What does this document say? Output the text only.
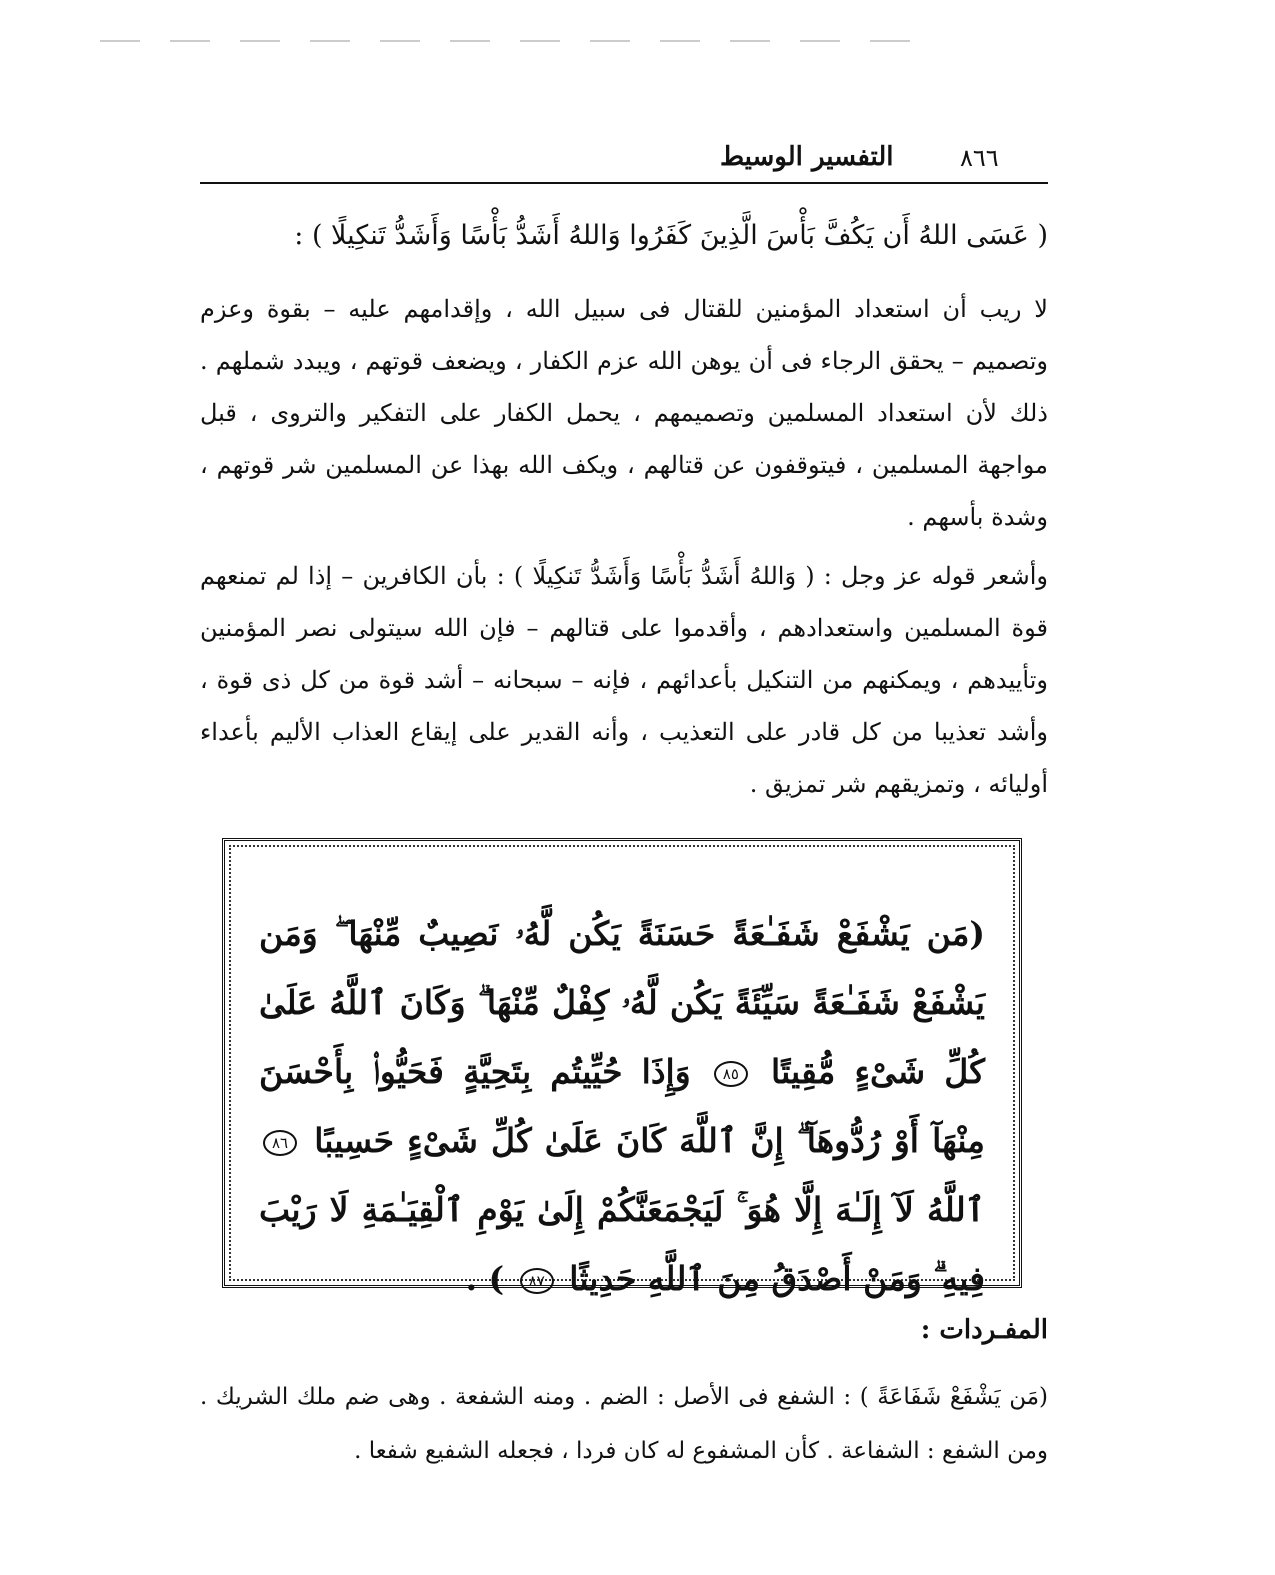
٨٦٦
التفسير الوسيط
( عَسَى اللهُ أَن يَكُفَّ بَأْسَ الَّذِينَ كَفَرُوا وَاللهُ أَشَدُّ بَأْسًا وَأَشَدُّ تَنكِيلًا ) :

لا ريب أن استعداد المؤمنين للقتال فى سبيل الله ، وإقدامهم عليه – بقوة وعزم وتصميم – يحقق الرجاء فى أن يوهن الله عزم الكفار ، ويضعف قوتهم ، ويبدد شملهم . ذلك لأن استعداد المسلمين وتصميمهم ، يحمل الكفار على التفكير والتروى ، قبل مواجهة المسلمين ، فيتوقفون عن قتالهم ، ويكف الله بهذا عن المسلمين شر قوتهم ، وشدة بأسهم .

وأشعر قوله عز وجل : ( وَاللهُ أَشَدُّ بَأْسًا وَأَشَدُّ تَنكِيلًا ) : بأن الكافرين – إذا لم تمنعهم قوة المسلمين واستعدادهم ، وأقدموا على قتالهم – فإن الله سيتولى نصر المؤمنين وتأييدهم ، ويمكنهم من التنكيل بأعدائهم ، فإنه – سبحانه – أشد قوة من كل ذى قوة ، وأشد تعذيبا من كل قادر على التعذيب ، وأنه القدير على إيقاع العذاب الأليم بأعداء أوليائه ، وتمزيقهم شر تمزيق .

(مَن يَشْفَعْ شَفَـٰعَةً حَسَنَةً يَكُن لَّهُۥ نَصِيبٌ مِّنْهَا ۖ وَمَن يَشْفَعْ شَفَـٰعَةً سَيِّئَةً يَكُن لَّهُۥ كِفْلٌ مِّنْهَا ۗ وَكَانَ ٱللَّهُ عَلَىٰ كُلِّ شَىْءٍ مُّقِيتًا ٨٥ وَإِذَا حُيِّيتُم بِتَحِيَّةٍ فَحَيُّوا۟ بِأَحْسَنَ مِنْهَآ أَوْ رُدُّوهَآ ۗ إِنَّ ٱللَّهَ كَانَ عَلَىٰ كُلِّ شَىْءٍ حَسِيبًا ٨٦ ٱللَّهُ لَآ إِلَـٰهَ إِلَّا هُوَ ۚ لَيَجْمَعَنَّكُمْ إِلَىٰ يَوْمِ ٱلْقِيَـٰمَةِ لَا رَيْبَ فِيهِ ۗ وَمَنْ أَصْدَقُ مِنَ ٱللَّهِ حَدِيثًا ٨٧ ) .
المفـردات :

(مَن يَشْفَعْ شَفَاعَةً ) : الشفع فى الأصل : الضم . ومنه الشفعة . وهى ضم ملك الشريك . ومن الشفع : الشفاعة . كأن المشفوع له كان فردا ، فجعله الشفيع شفعا .
